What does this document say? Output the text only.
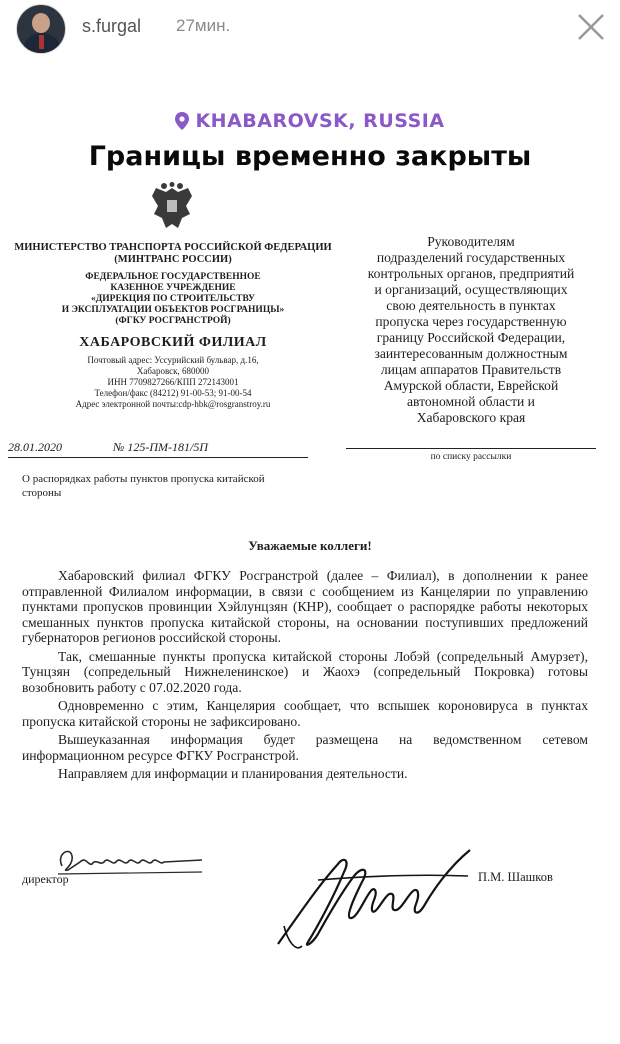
s.furgal 27мин.
KHABAROVSK, RUSSIA
Границы временно закрыты
МИНИСТЕРСТВО ТРАНСПОРТА РОССИЙСКОЙ ФЕДЕРАЦИИ (МИНТРАНС РОССИИ)
ФЕДЕРАЛЬНОЕ ГОСУДАРСТВЕННОЕ
КАЗЕННОЕ УЧРЕЖДЕНИЕ
«ДИРЕКЦИЯ ПО СТРОИТЕЛЬСТВУ
И ЭКСПЛУАТАЦИИ ОБЪЕКТОВ РОСГРАНИЦЫ»
(ФГКУ РОСГРАНСТРОЙ)
ХАБАРОВСКИЙ ФИЛИАЛ
Почтовый адрес: Уссурийский бульвар, д.16,
Хабаровск, 680000
ИНН 7709827266/КПП 272143001
Телефон/факс (84212) 91-00-53; 91-00-54
Адрес электронной почты:cdp-hbk@rosgranstroy.ru
28.01.2020	№ 125-ПМ-181/5П
О распорядках работы пунктов пропуска китайской стороны
Руководителям
подразделений государственных
контрольных органов, предприятий
и организаций, осуществляющих
свою деятельность в пунктах
пропуска через государственную
границу Российской Федерации,
заинтересованным должностным
лицам аппаратов Правительств
Амурской области, Еврейской
автономной области и
Хабаровского края
по списку рассылки
Уважаемые коллеги!

Хабаровский филиал ФГКУ Росгранстрой (далее – Филиал), в дополнении к ранее отправленной Филиалом информации, в связи с сообщением из Канцелярии по управлению пунктами пропусков провинции Хэйлунцзян (КНР), сообщает о распорядке работы некоторых смешанных пунктов пропуска китайской стороны, на основании поступивших предложений губернаторов регионов российской стороны.

Так, смешанные пункты пропуска китайской стороны Лобэй (сопредельный Амурзет), Тунцзян (сопредельный Нижнеленинское) и Жаохэ (сопредельный Покровка) готовы возобновить работу с 07.02.2020 года.

Одновременно с этим, Канцелярия сообщает, что вспышек короновируса в пунктах пропуска китайской стороны не зафиксировано.

Вышеуказанная информация будет размещена на ведомственном сетевом информационном ресурсе ФГКУ Росгранстрой.

Направляем для информации и планирования деятельности.

директор	П.М. Шашков
